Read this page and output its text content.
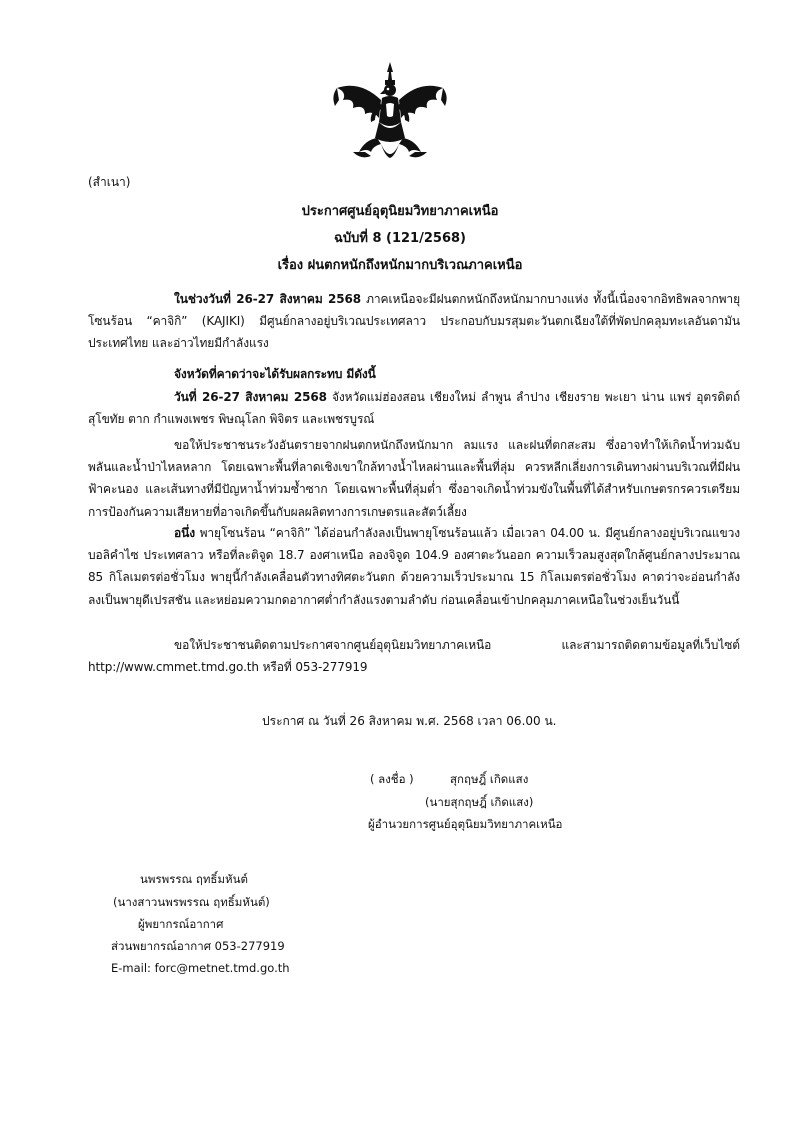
(สำเนา)
ประกาศศูนย์อุตุนิยมวิทยาภาคเหนือ
ฉบับที่ 8 (121/2568)
เรื่อง ฝนตกหนักถึงหนักมากบริเวณภาคเหนือ
ในช่วงวันที่ 26-27 สิงหาคม 2568 ภาคเหนือจะมีฝนตกหนักถึงหนักมากบางแห่ง ทั้งนี้เนื่องจากอิทธิพลจากพายุโซนร้อน “คาจิกิ” (KAJIKI) มีศูนย์กลางอยู่บริเวณประเทศลาว ประกอบกับมรสุมตะวันตกเฉียงใต้ที่พัดปกคลุมทะเลอันดามัน ประเทศไทย และอ่าวไทยมีกำลังแรง
จังหวัดที่คาดว่าจะได้รับผลกระทบ มีดังนี้
วันที่ 26-27 สิงหาคม 2568 จังหวัดแม่ฮ่องสอน เชียงใหม่ ลำพูน ลำปาง เชียงราย พะเยา น่าน แพร่ อุตรดิตถ์ สุโขทัย ตาก กำแพงเพชร พิษณุโลก พิจิตร และเพชรบูรณ์
ขอให้ประชาชนระวังอันตรายจากฝนตกหนักถึงหนักมาก ลมแรง และฝนที่ตกสะสม ซึ่งอาจทำให้เกิดน้ำท่วมฉับพลันและน้ำป่าไหลหลาก โดยเฉพาะพื้นที่ลาดเชิงเขาใกล้ทางน้ำไหลผ่านและพื้นที่ลุ่ม ควรหลีกเลี่ยงการเดินทางผ่านบริเวณที่มีฝนฟ้าคะนอง และเส้นทางที่มีปัญหาน้ำท่วมซ้ำซาก โดยเฉพาะพื้นที่ลุ่มต่ำ ซึ่งอาจเกิดน้ำท่วมขังในพื้นที่ได้สำหรับเกษตรกรควรเตรียมการป้องกันความเสียหายที่อาจเกิดขึ้นกับผลผลิตทางการเกษตรและสัตว์เลี้ยง
อนึ่ง พายุโซนร้อน “คาจิกิ” ได้อ่อนกำลังลงเป็นพายุโซนร้อนแล้ว เมื่อเวลา 04.00 น. มีศูนย์กลางอยู่บริเวณแขวงบอลิคำไซ ประเทศลาว หรือที่ละติจูด 18.7 องศาเหนือ ลองจิจูด 104.9 องศาตะวันออก ความเร็วลมสูงสุดใกล้ศูนย์กลางประมาณ 85 กิโลเมตรต่อชั่วโมง พายุนี้กำลังเคลื่อนตัวทางทิศตะวันตก ด้วยความเร็วประมาณ 15 กิโลเมตรต่อชั่วโมง คาดว่าจะอ่อนกำลังลงเป็นพายุดีเปรสชัน และหย่อมความกดอากาศต่ำกำลังแรงตามลำดับ ก่อนเคลื่อนเข้าปกคลุมภาคเหนือในช่วงเย็นวันนี้
ขอให้ประชาชนติดตามประกาศจากศูนย์อุตุนิยมวิทยาภาคเหนือ และสามารถติดตามข้อมูลที่เว็บไซต์ http://www.cmmet.tmd.go.th หรือที่ 053-277919
ประกาศ ณ วันที่ 26 สิงหาคม พ.ศ. 2568 เวลา 06.00 น.
( ลงชื่อ )	สุกฤษฎิ์ เกิดแสง
(นายสุกฤษฎิ์ เกิดแสง)
ผู้อำนวยการศูนย์อุตุนิยมวิทยาภาคเหนือ
นพรพรรณ ฤทธิ์มหันต์
(นางสาวนพรพรรณ ฤทธิ์มหันต์)
ผู้พยากรณ์อากาศ
ส่วนพยากรณ์อากาศ 053-277919
E-mail: forc@metnet.tmd.go.th
